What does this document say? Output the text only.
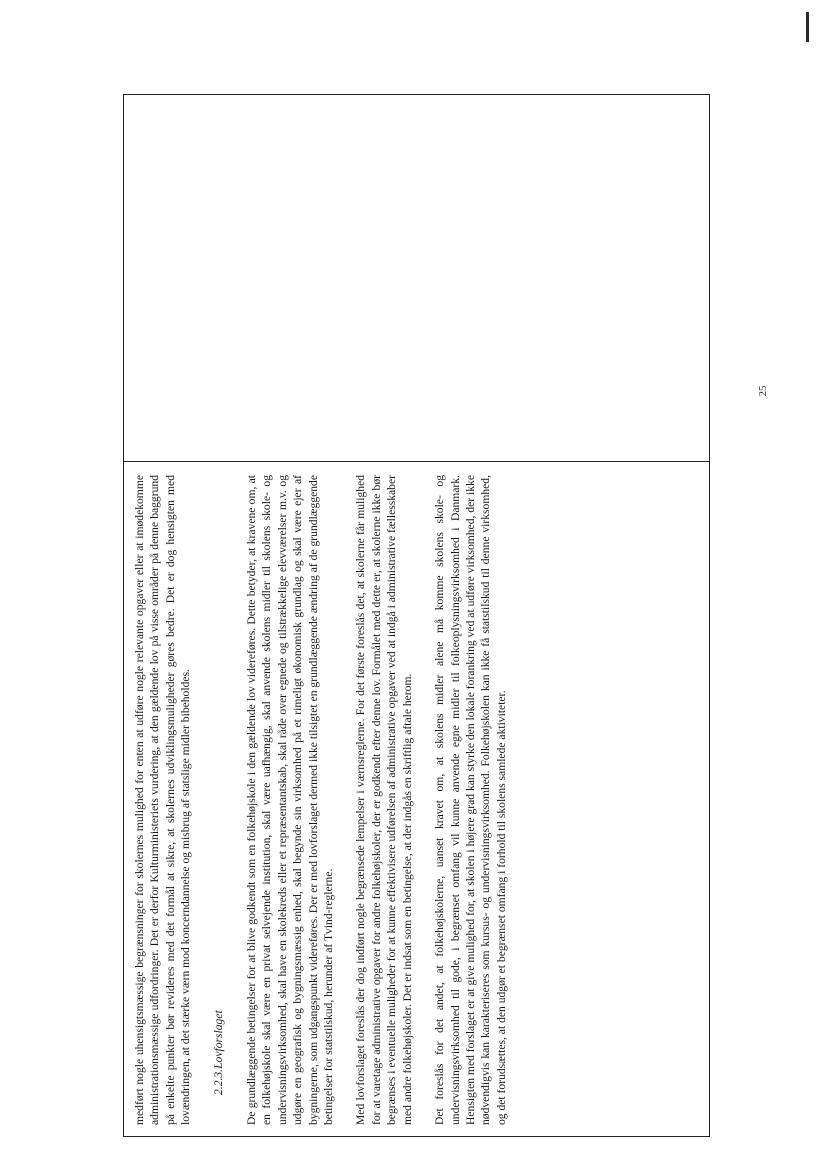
25

medført nogle uhensigtsmæssige begrænsninger for skolernes mulighed for enten at udføre nogle relevante opgaver eller at imødekomme administrationsmæssige udfordringer. Det er derfor Kulturministeriets vurdering, at den gældende lov på visse områder på denne baggrund på enkelte punkter bør revideres med det formål at sikre, at skolernes udviklingsmuligheder gøres bedre. Det er dog hensigten med lovændringen, at det stærke værn mod koncerndannelse og misbrug af statslige midler bibeholdes. 2.2.3.Lovforslaget De grundlæggende betingelser for at blive godkendt som en folkehøjskole i den gældende lov videreføres. Dette betyder, at kravene om, at en folkehøjskole skal være en privat selvejende institution, skal være uafhængig, skal anvende skolens midler til skolens skole- og undervisningsvirksomhed, skal have en skolekreds eller et repræsentantskab, skal råde over egnede og tilstrækkelige elevværelser m.v. og udgøre en geografisk og bygningsmæssig enhed, skal begynde sin virksomhed på et rimeligt økonomisk grundlag og skal være ejer af bygningerne, som udgangspunkt videreføres. Der er med lovforslaget dermed ikke tilsigtet en grundlæggende ændring af de grundlæggende betingelser for statstilskud, herunder af Tvind-reglerne. Med lovforslaget foreslås der dog indført nogle begrænsede lempelser i værnsreglerne. For det første foreslås det, at skolerne får mulighed for at varetage administrative opgaver for andre folkehøjskoler, der er godkendt efter denne lov. Formålet med dette er, at skolerne ikke bør begrænses i eventuelle muligheder for at kunne effektivisere udførelsen af administrative opgaver ved at indgå i administrative fællesskaber med andre folkehøjskoler. Det er indsat som en betingelse, at der indgås en skriftlig aftale herom. Det foreslås for det andet, at folkehøjskolerne, uanset kravet om, at skolens midler alene må komme skolens skole- og undervisningsvirksomhed til gode, i begrænset omfang vil kunne anvende egne midler til folkeoplysningsvirksomhed i Danmark. Hensigten med forslaget er at give mulighed for, at skolen i højere grad kan styrke den lokale forankring ved at udføre virksomhed, der ikke nødvendigvis kan karakteriseres som kursus- og undervisningsvirksomhed. Folkehøjskolen kan ikke få statstilskud til denne virksomhed, og det forudsættes, at den udgør et begrænset omfang i forhold til skolens samlede aktiviteter.
